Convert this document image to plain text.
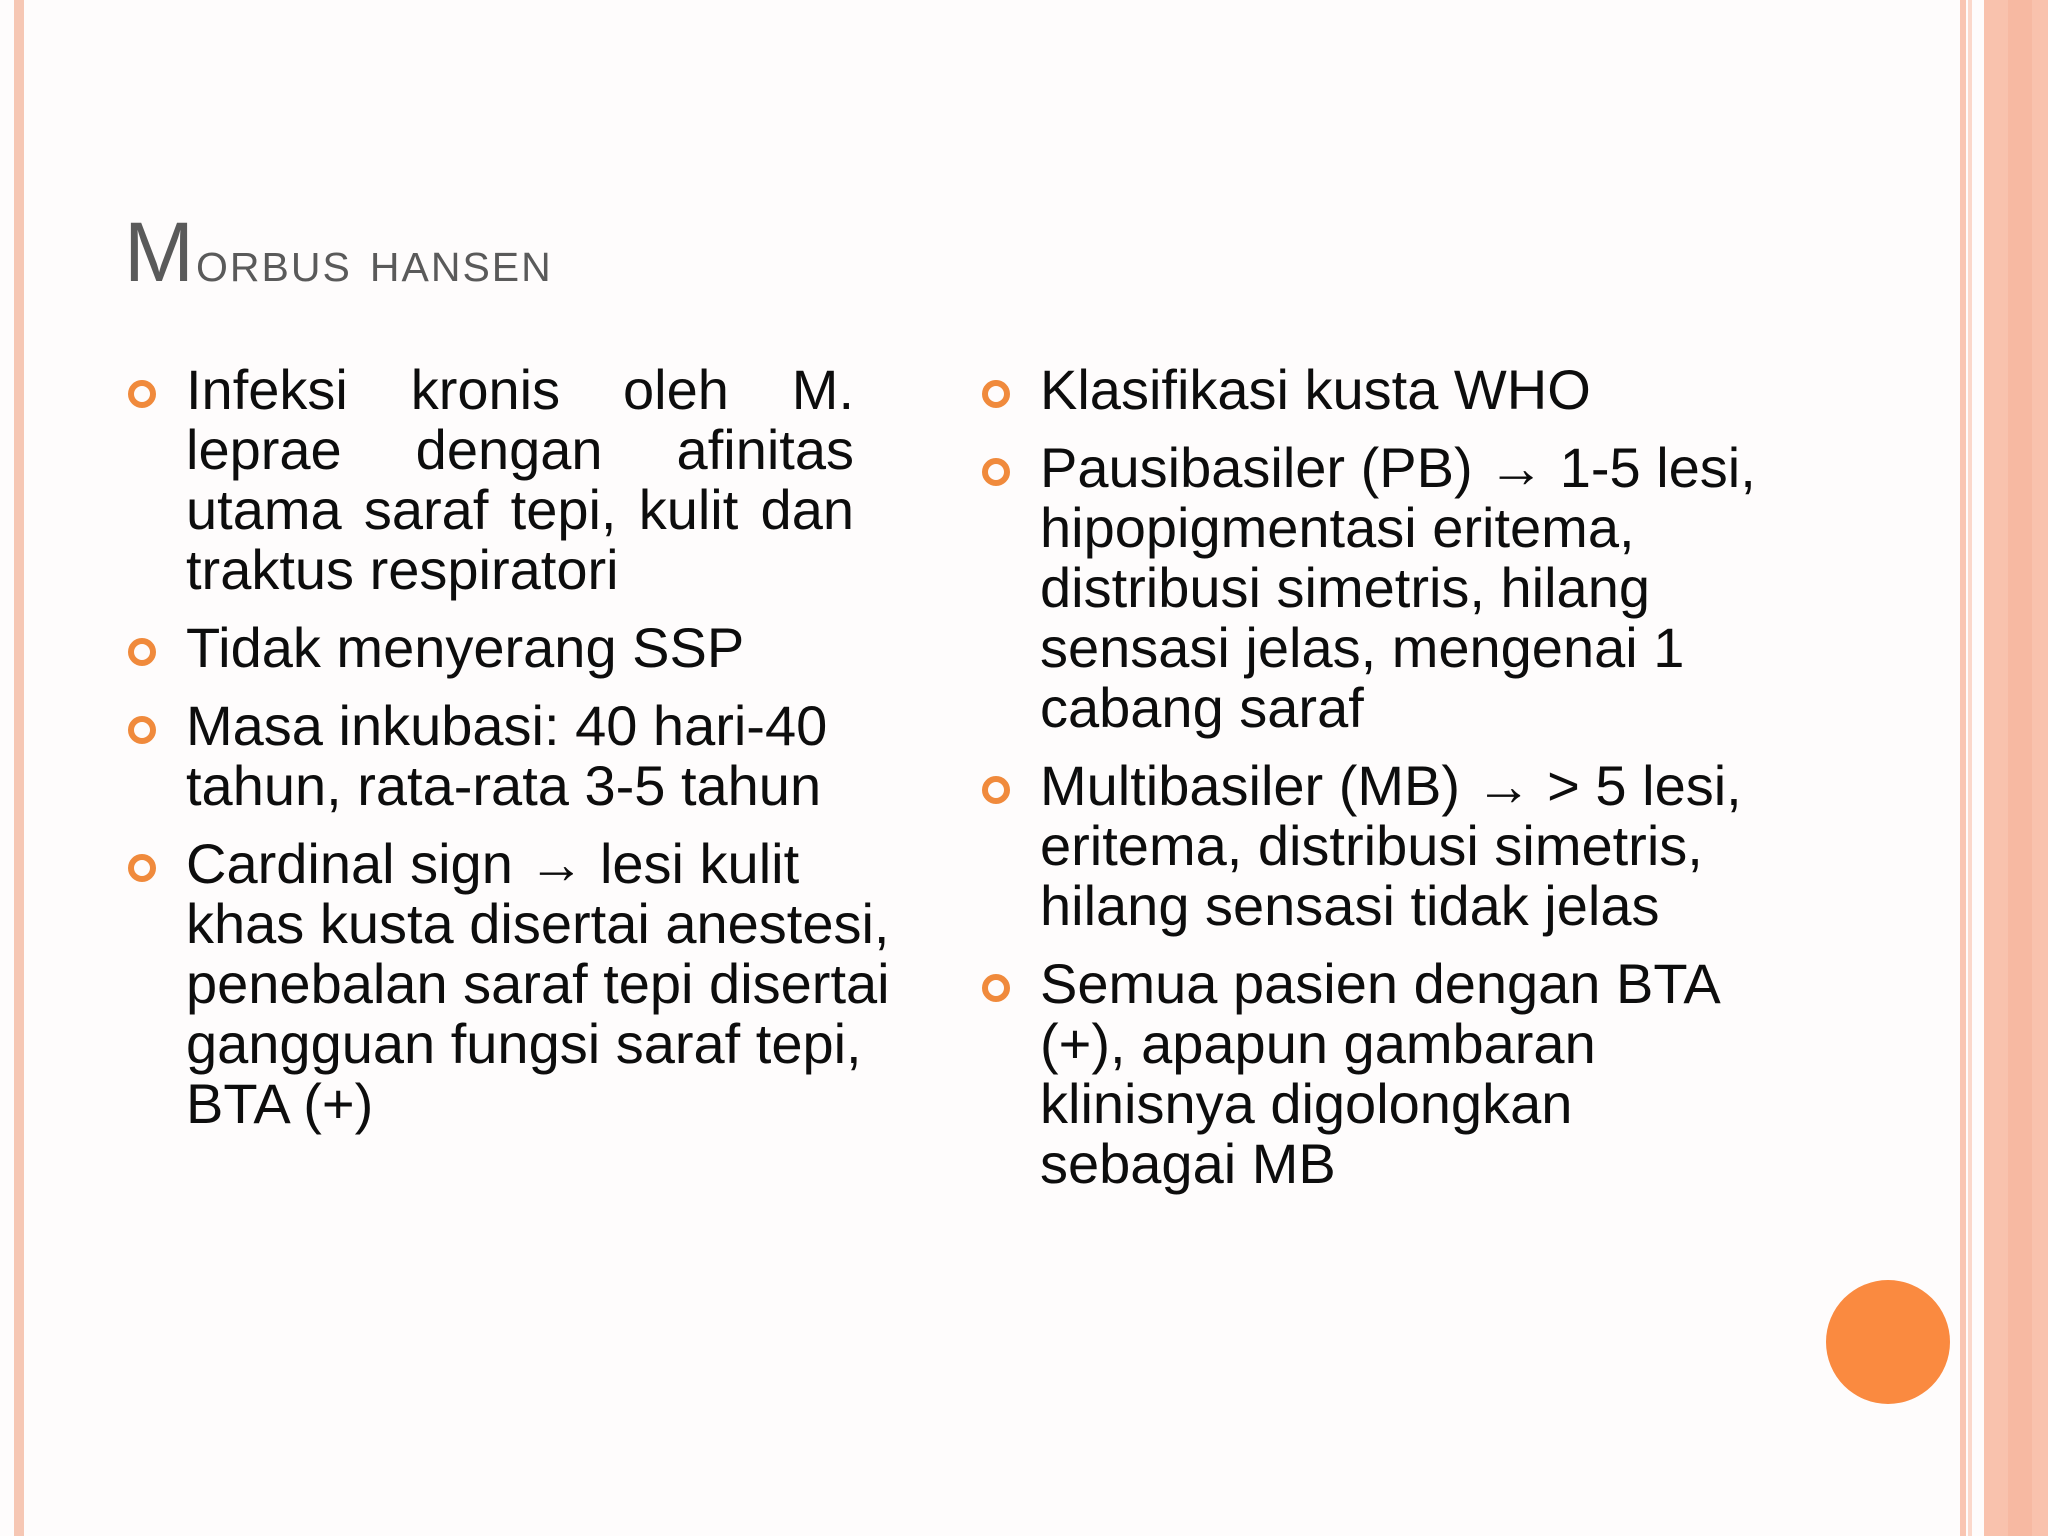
Morbus hansen
Infeksi kronis oleh M. leprae dengan afinitas utama saraf tepi, kulit dan traktus respiratori
Tidak menyerang SSP
Masa inkubasi: 40 hari-40 tahun, rata-rata 3-5 tahun
Cardinal sign → lesi kulit khas kusta disertai anestesi, penebalan saraf tepi disertai gangguan fungsi saraf tepi, BTA (+)
Klasifikasi kusta WHO
Pausibasiler (PB) → 1-5 lesi, hipopigmentasi eritema, distribusi simetris, hilang sensasi jelas, mengenai 1 cabang saraf
Multibasiler (MB) → > 5 lesi, eritema, distribusi simetris, hilang sensasi tidak jelas
Semua pasien dengan BTA (+), apapun gambaran klinisnya digolongkan sebagai MB
